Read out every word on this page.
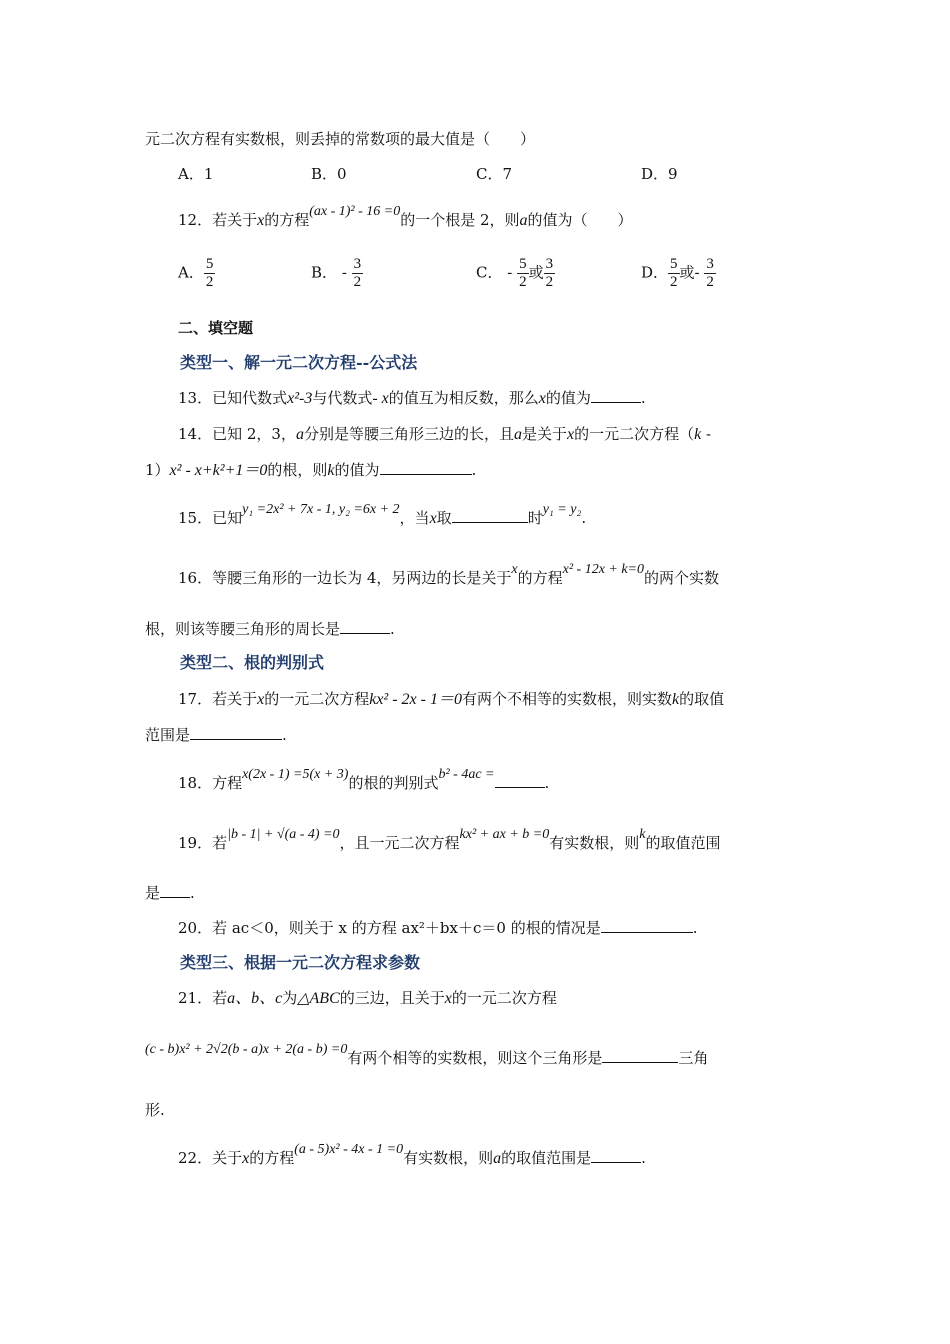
元二次方程有实数根，则丢掉的常数项的最大值是（　　）
A．1	B．0	C．7	D．9
12．若关于x的方程(ax - 1)² - 16 =0的一个根是 2，则a的值为（　　）
A． $\frac{5}{2}$	B． - $\frac{3}{2}$	C． - $\frac{5}{2}$ 或 $\frac{3}{2}$	D． $\frac{5}{2}$ 或- $\frac{3}{2}$
二、填空题
类型一、解一元二次方程--公式法
13．已知代数式x²-3与代数式- x的值互为相反数，那么x的值为	.
14．已知 2，3，a分别是等腰三角形三边的长，且a是关于x的一元二次方程（k -
1）x² - x+k²+1＝0的根，则k的值为	.
15．已知y₁ =2x² + 7x - 1, y₂ =6x + 2，当x取	时y₁ = y₂.
16．等腰三角形的一边长为 4，另两边的长是关于x的方程x² - 12x + k=0的两个实数
根，则该等腰三角形的周长是	.
类型二、根的判别式
17．若关于x的一元二次方程kx² - 2x - 1＝0有两个不相等的实数根，则实数k的取值
范围是	.
18．方程x(2x - 1) =5(x + 3)的根的判别式b² - 4ac =	.
19．若|b - 1| + √(a - 4) =0，且一元二次方程kx² + ax + b =0有实数根，则k的取值范围
是 .
20．若 ac＜0，则关于 x 的方程 ax²＋bx＋c＝0 的根的情况是	.
类型三、根据一元二次方程求参数
21．若a、b、c为△ABC的三边，且关于x的一元二次方程
(c - b)x² + 2√2(b - a)x + 2(a - b) =0有两个相等的实数根，则这个三角形是	三角
形.
22．关于x的方程(a - 5)x² - 4x - 1 =0有实数根，则a的取值范围是	.
